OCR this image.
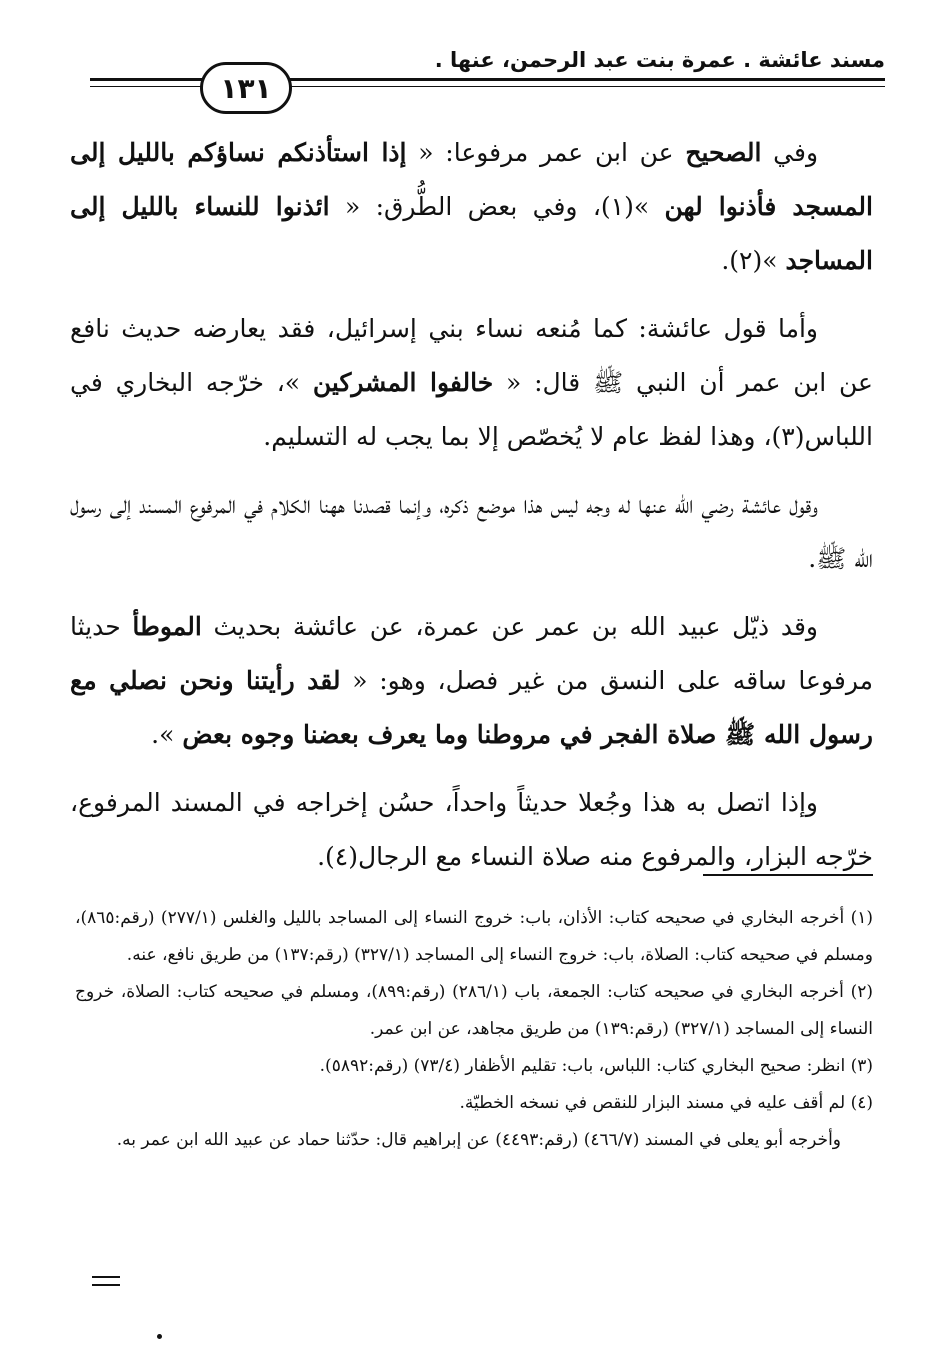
مسند عائشة . عمرة بنت عبد الرحمن، عنها .
١٣١

وفي الصحيح عن ابن عمر مرفوعا: « إذا استأذنكم نساؤكم بالليل إلى المسجد فأذنوا لهن »(١)، وفي بعض الطُّرق: « ائذنوا للنساء بالليل إلى المساجد »(٢).

وأما قول عائشة: كما مُنعه نساء بني إسرائيل، فقد يعارضه حديث نافع عن ابن عمر أن النبي ﷺ قال: « خالفوا المشركين »، خرّجه البخاري في اللباس(٣)، وهذا لفظ عام لا يُخصّص إلا بما يجب له التسليم.

وقول عائشة رضي الله عنها له وجه ليس هذا موضع ذكره، وإنما قصدنا ههنا الكلام في المرفوع المسند إلى رسول الله ﷺ.

وقد ذيّل عبيد الله بن عمر عن عمرة، عن عائشة بحديث الموطأ حديثا مرفوعا ساقه على النسق من غير فصل، وهو: « لقد رأيتنا ونحن نصلي مع رسول الله ﷺ صلاة الفجر في مروطنا وما يعرف بعضنا وجوه بعض ».

وإذا اتصل به هذا وجُعلا حديثاً واحداً، حسُن إخراجه في المسند المرفوع، خرّجه البزار، والمرفوع منه صلاة النساء مع الرجال(٤).

(١) أخرجه البخاري في صحيحه كتاب: الأذان، باب: خروج النساء إلى المساجد بالليل والغلس (٢٧٧/١) (رقم:٨٦٥)، ومسلم في صحيحه كتاب: الصلاة، باب: خروج النساء إلى المساجد (٣٢٧/١) (رقم:١٣٧) من طريق نافع، عنه.

(٢) أخرجه البخاري في صحيحه كتاب: الجمعة، باب (٢٨٦/١) (رقم:٨٩٩)، ومسلم في صحيحه كتاب: الصلاة، خروج النساء إلى المساجد (٣٢٧/١) (رقم:١٣٩) من طريق مجاهد، عن ابن عمر.

(٣) انظر: صحيح البخاري كتاب: اللباس، باب: تقليم الأظفار (٧٣/٤) (رقم:٥٨٩٢).

(٤) لم أقف عليه في مسند البزار للنقص في نسخه الخطيّة.

وأخرجه أبو يعلى في المسند (٤٦٦/٧) (رقم:٤٤٩٣) عن إبراهيم قال: حدّثنا حماد عن عبيد الله ابن عمر به.
